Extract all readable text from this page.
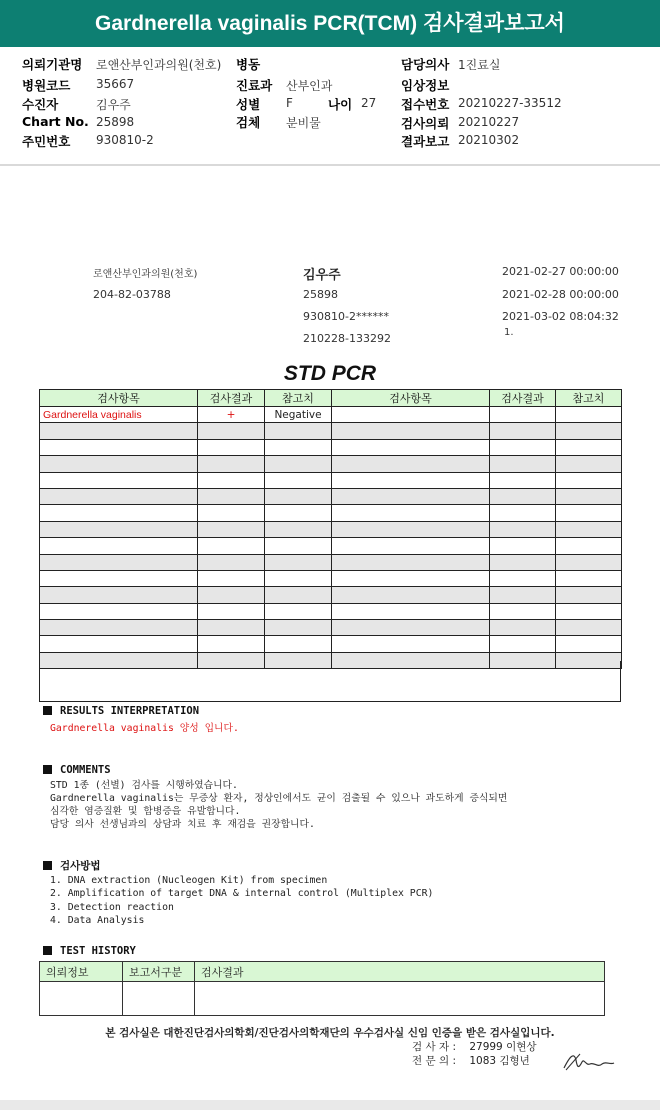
Gardnerella vaginalis PCR(TCM) 검사결과보고서
의뢰기관명 로앤산부인과의원(천호) 병동	담당의사 1진료실
병원코드 35667	진료과 산부인과	임상정보
수진자	김우주	성별 F	나이 27 접수번호 20210227-33512
Chart No. 25898	검체 분비물	검사의뢰 20210227
주민번호 930810-2	결과보고 20210302
로앤산부인과의원(천호)
204-82-03788
김우주
25898
930810-2******
210228-133292
2021-02-27 00:00:00
2021-02-28 00:00:00
2021-03-02 08:04:32
1.
STD PCR
검사항목	검사결과	참고치	검사항목	검사결과	참고치
Gardnerella vaginalis	+	Negative			

RESULTS INTERPRETATION
Gardnerella vaginalis 양성 입니다.
COMMENTS
STD 1종 (선별) 검사를 시행하였습니다.
Gardnerella vaginalis는 무증상 환자, 정상인에서도 균이 검출될 수 있으나 과도하게 증식되면
심각한 염증질환 및 합병증을 유발합니다.
담당 의사 선생님과의 상담과 치료 후 재검을 권장합니다.
검사방법
1. DNA extraction (Nucleogen Kit) from specimen
2. Amplification of target DNA & internal control (Multiplex PCR)
3. Detection reaction
4. Data Analysis
TEST HISTORY
의뢰정보	보고서구분	검사결과

본 검사실은 대한진단검사의학회/진단검사의학재단의 우수검사실 신임 인증을 받은 검사실입니다.
검 사 자 : 27999 이현상
전 문 의 : 1083 김형년
